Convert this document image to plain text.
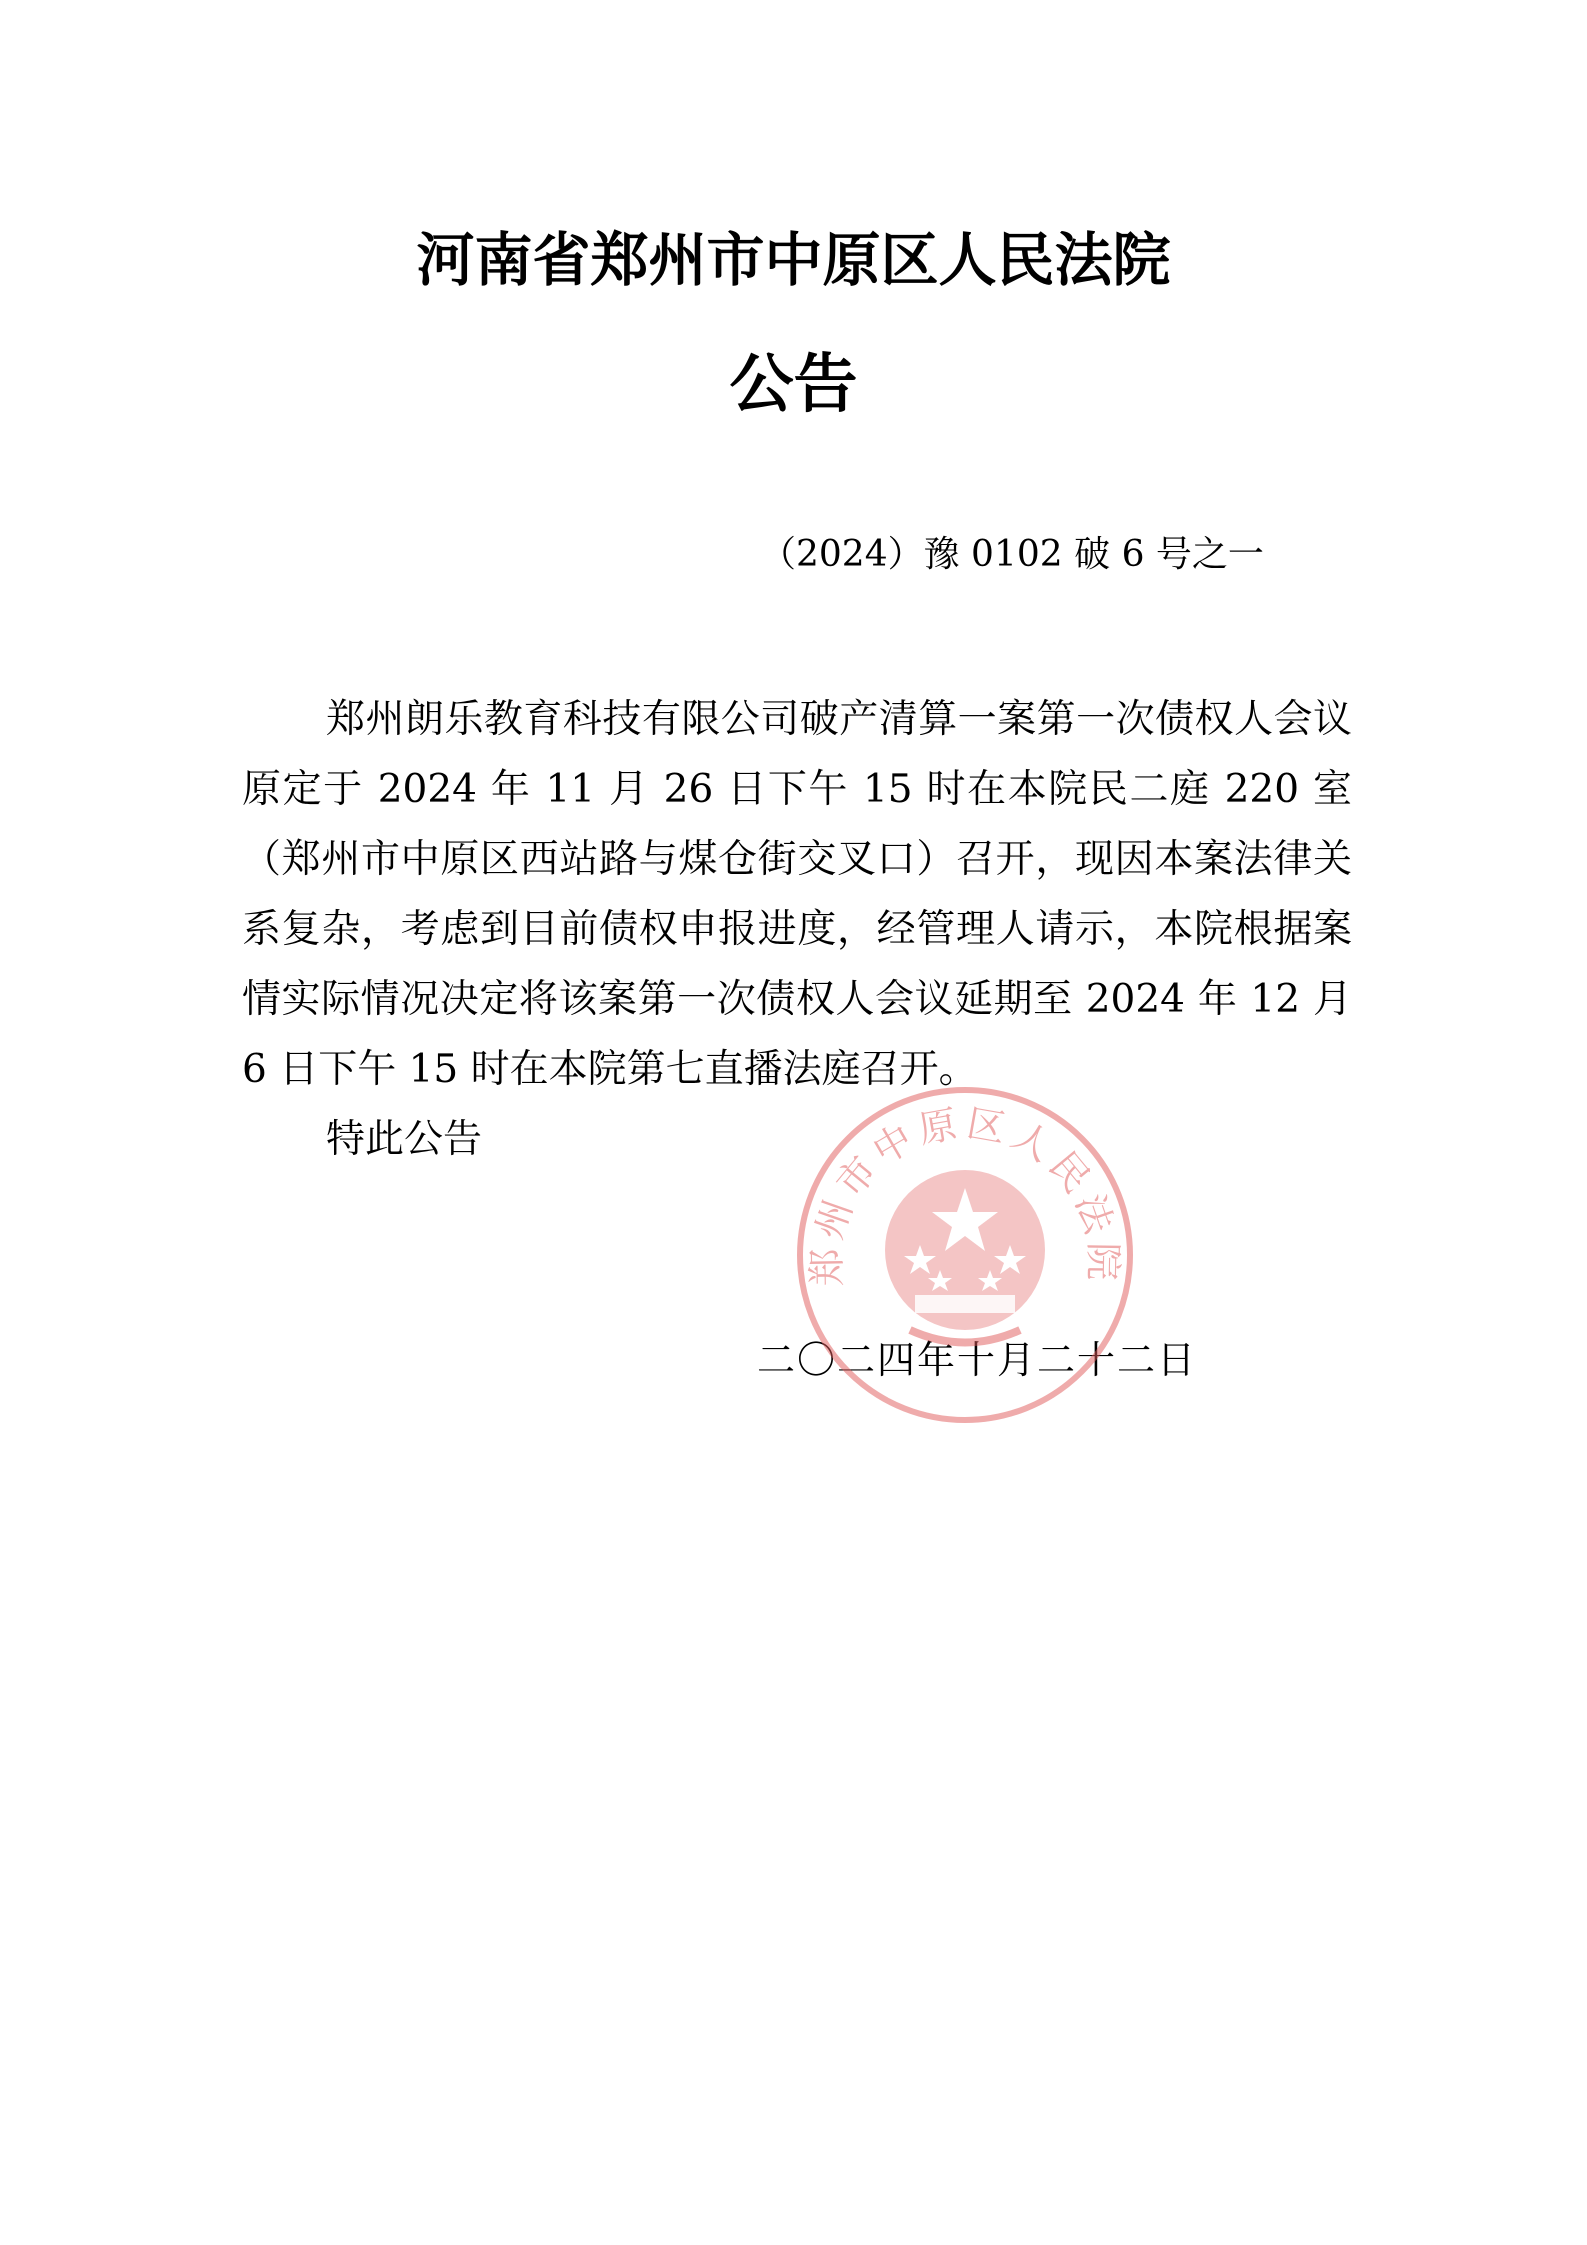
河南省郑州市中原区人民法院
公告
（2024）豫 0102 破 6 号之一

郑州朗乐教育科技有限公司破产清算一案第一次债权人会议原定于 2024 年 11 月 26 日下午 15 时在本院民二庭 220 室（郑州市中原区西站路与煤仓街交叉口）召开，现因本案法律关系复杂，考虑到目前债权申报进度，经管理人请示，本院根据案情实际情况决定将该案第一次债权人会议延期至 2024 年 12 月 6 日下午 15 时在本院第七直播法庭召开。

特此公告

二〇二四年十月二十二日
郑州市中原区人民法院
